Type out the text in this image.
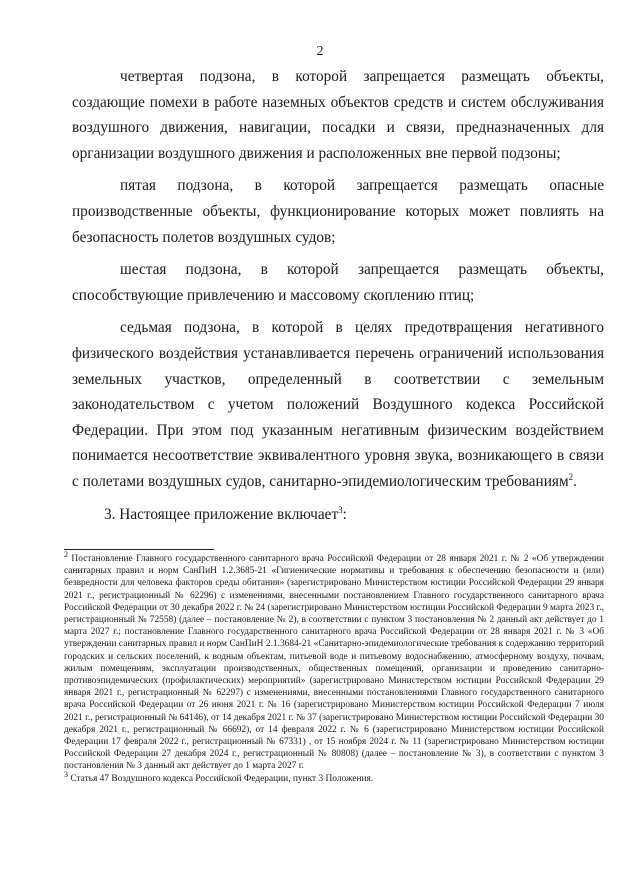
2

четвертая подзона, в которой запрещается размещать объекты, создающие помехи в работе наземных объектов средств и систем обслуживания воздушного движения, навигации, посадки и связи, предназначенных для организации воздушного движения и расположенных вне первой подзоны;

пятая подзона, в которой запрещается размещать опасные производственные объекты, функционирование которых может повлиять на безопасность полетов воздушных судов;

шестая подзона, в которой запрещается размещать объекты, способствующие привлечению и массовому скоплению птиц;

седьмая подзона, в которой в целях предотвращения негативного физического воздействия устанавливается перечень ограничений использования земельных участков, определенный в соответствии с земельным законодательством с учетом положений Воздушного кодекса Российской Федерации. При этом под указанным негативным физическим воздействием понимается несоответствие эквивалентного уровня звука, возникающего в связи с полетами воздушных судов, санитарно-эпидемиологическим требованиям$^2$.

3. Настоящее приложение включает$^3$:

2 Постановление Главного государственного санитарного врача Российской Федерации от 28 января 2021 г. № 2 «Об утверждении санитарных правил и норм СанПиН 1.2.3685-21 «Гигиенические нормативы и требования к обеспечению безопасности и (или) безвредности для человека факторов среды обитания» (зарегистрировано Министерством юстиции Российской Федерации 29 января 2021 г., регистрационный № 62296) с изменениями, внесенными постановлением Главного государственного санитарного врача Российской Федерации от 30 декабря 2022 г. № 24 (зарегистрировано Министерством юстиции Российской Федерации 9 марта 2023 г., регистрационный № 72558) (далее – постановление № 2), в соответствии с пунктом 3 постановления № 2 данный акт действует до 1 марта 2027 г.; постановление Главного государственного санитарного врача Российской Федерации от 28 января 2021 г. № 3 «Об утверждении санитарных правил и норм СанПиН 2.1.3684-21 «Санитарно-эпидемиологические требования к содержанию территорий городских и сельских поселений, к водным объектам, питьевой воде и питьевому водоснабжению, атмосферному воздуху, почвам, жилым помещениям, эксплуатации производственных, общественных помещений, организации и проведению санитарно-противоэпидемических (профилактических) мероприятий» (зарегистрировано Министерством юстиции Российской Федерации 29 января 2021 г., регистрационный № 62297) с изменениями, внесенными постановлениями Главного государственного санитарного врача Российской Федерации от 26 июня 2021 г. № 16 (зарегистрировано Министерством юстиции Российской Федерации 7 июля 2021 г., регистрационный № 64146), от 14 декабря 2021 г. № 37 (зарегистрировано Министерством юстиции Российской Федерации 30 декабря 2021 г., регистрационный № 66692), от 14 февраля 2022 г. № 6 (зарегистрировано Министерством юстиции Российской Федерации 17 февраля 2022 г., регистрационный № 67331) , от 15 ноября 2024 г. № 11 (зарегистрировано Министерством юстиции Российской Федерации 27 декабря 2024 г., регистрационный № 80808) (далее – постановление № 3), в соответствии с пунктом 3 постановления № 3 данный акт действует до 1 марта 2027 г.

3 Статья 47 Воздушного кодекса Российской Федерации, пункт 3 Положения.
